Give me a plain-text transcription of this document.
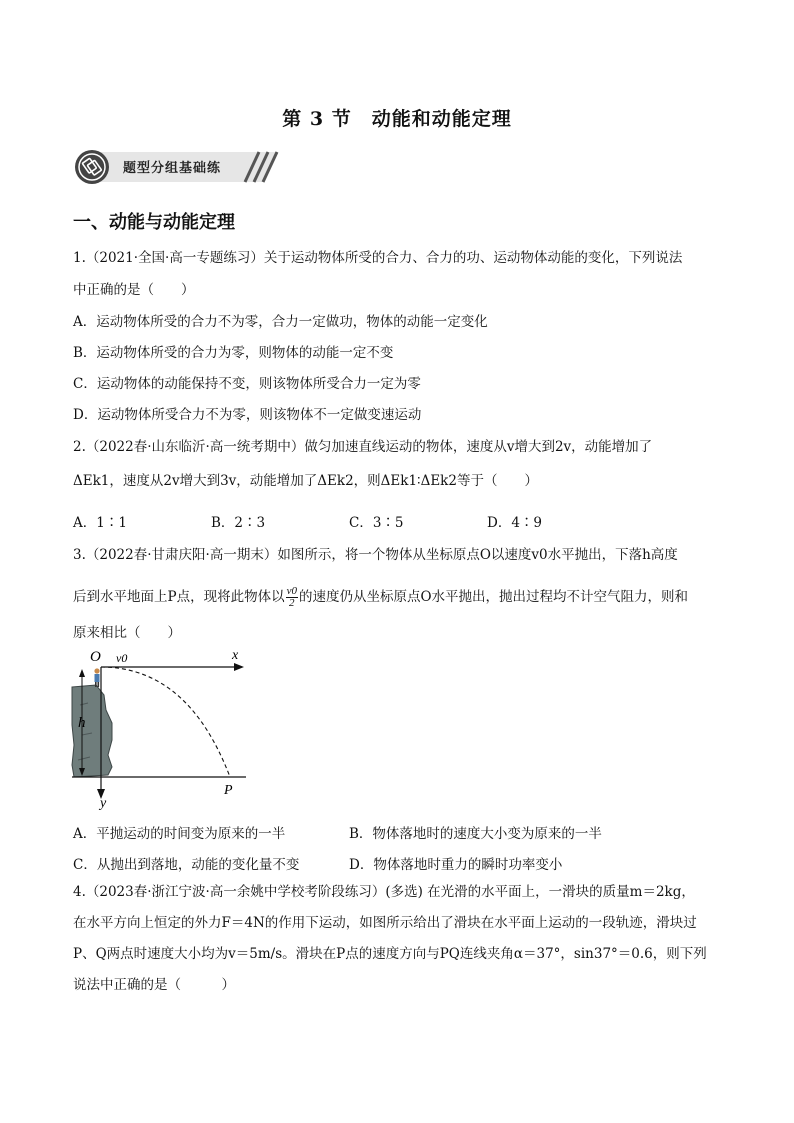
第 3 节　动能和动能定理
题型分组基础练
一、动能与动能定理
1.（2021·全国·高一专题练习）关于运动物体所受的合力、合力的功、运动物体动能的变化，下列说法
中正确的是（　　）
A．运动物体所受的合力不为零，合力一定做功，物体的动能一定变化
B．运动物体所受的合力为零，则物体的动能一定不变
C．运动物体的动能保持不变，则该物体所受合力一定为零
D．运动物体所受合力不为零，则该物体不一定做变速运动
2.（2022春·山东临沂·高一统考期中）做匀加速直线运动的物体，速度从v增大到2v，动能增加了
ΔEk1，速度从2v增大到3v，动能增加了ΔEk2，则ΔEk1∶ΔEk2等于（　　）
A．1∶1	B．2∶3	C．3∶5	D．4∶9
3.（2022春·甘肃庆阳·高一期末）如图所示，将一个物体从坐标原点O以速度v0水平抛出，下落h高度
后到水平地面上P点，现将此物体以 $\frac{v0}{2}$ 的速度仍从坐标原点O水平抛出，抛出过程均不计空气阻力，则和
原来相比（　　）
O v0	x
h
y
P
A．平抛运动的时间变为原来的一半	B．物体落地时的速度大小变为原来的一半
C．从抛出到落地，动能的变化量不变	D．物体落地时重力的瞬时功率变小
4.（2023春·浙江宁波·高一余姚中学校考阶段练习）(多选) 在光滑的水平面上，一滑块的质量m＝2kg，
在水平方向上恒定的外力F＝4N的作用下运动，如图所示给出了滑块在水平面上运动的一段轨迹，滑块过
P、Q两点时速度大小均为v＝5m/s。滑块在P点的速度方向与PQ连线夹角α＝37°，sin37°＝0.6，则下列
说法中正确的是（　　　）
